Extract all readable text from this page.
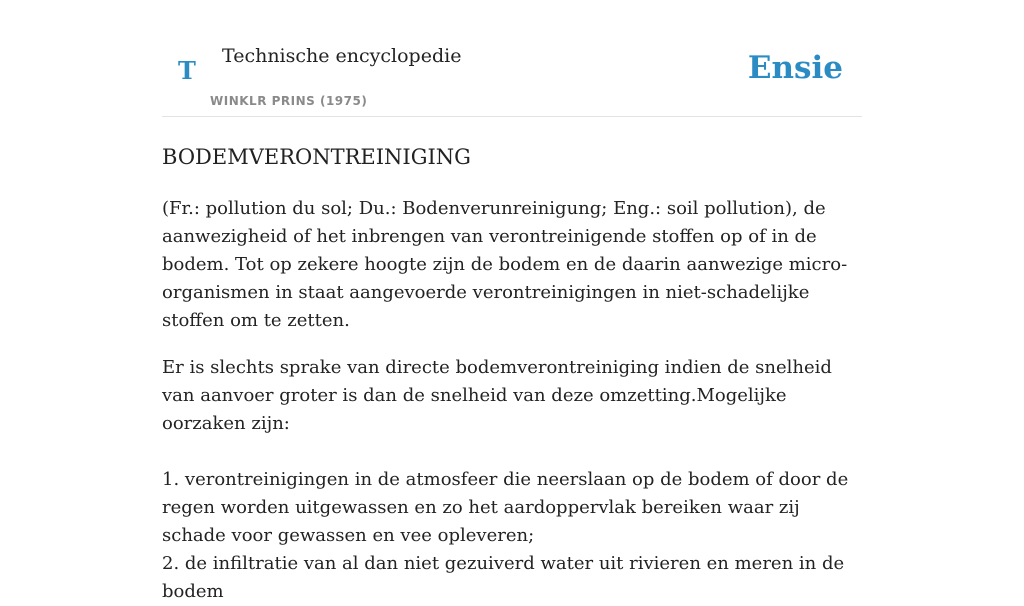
T Technische encyclopedie
WINKLR PRINS (1975)
Ensie
BODEMVERONTREINIGING

(Fr.: pollution du sol; Du.: Bodenverunreinigung; Eng.: soil pollution), de aanwezigheid of het inbrengen van verontreinigende stoffen op of in de bodem. Tot op zekere hoogte zijn de bodem en de daarin aanwezige micro-organismen in staat aangevoerde verontreinigingen in niet-schadelijke stoffen om te zetten.

Er is slechts sprake van directe bodemverontreiniging indien de snelheid van aanvoer groter is dan de snelheid van deze omzetting.Mogelijke oorzaken zijn:

1. verontreinigingen in de atmosfeer die neerslaan op de bodem of door de regen worden uitgewassen en zo het aardoppervlak bereiken waar zij schade voor gewassen en vee opleveren;
2. de infiltratie van al dan niet gezuiverd water uit rivieren en meren in de bodem
